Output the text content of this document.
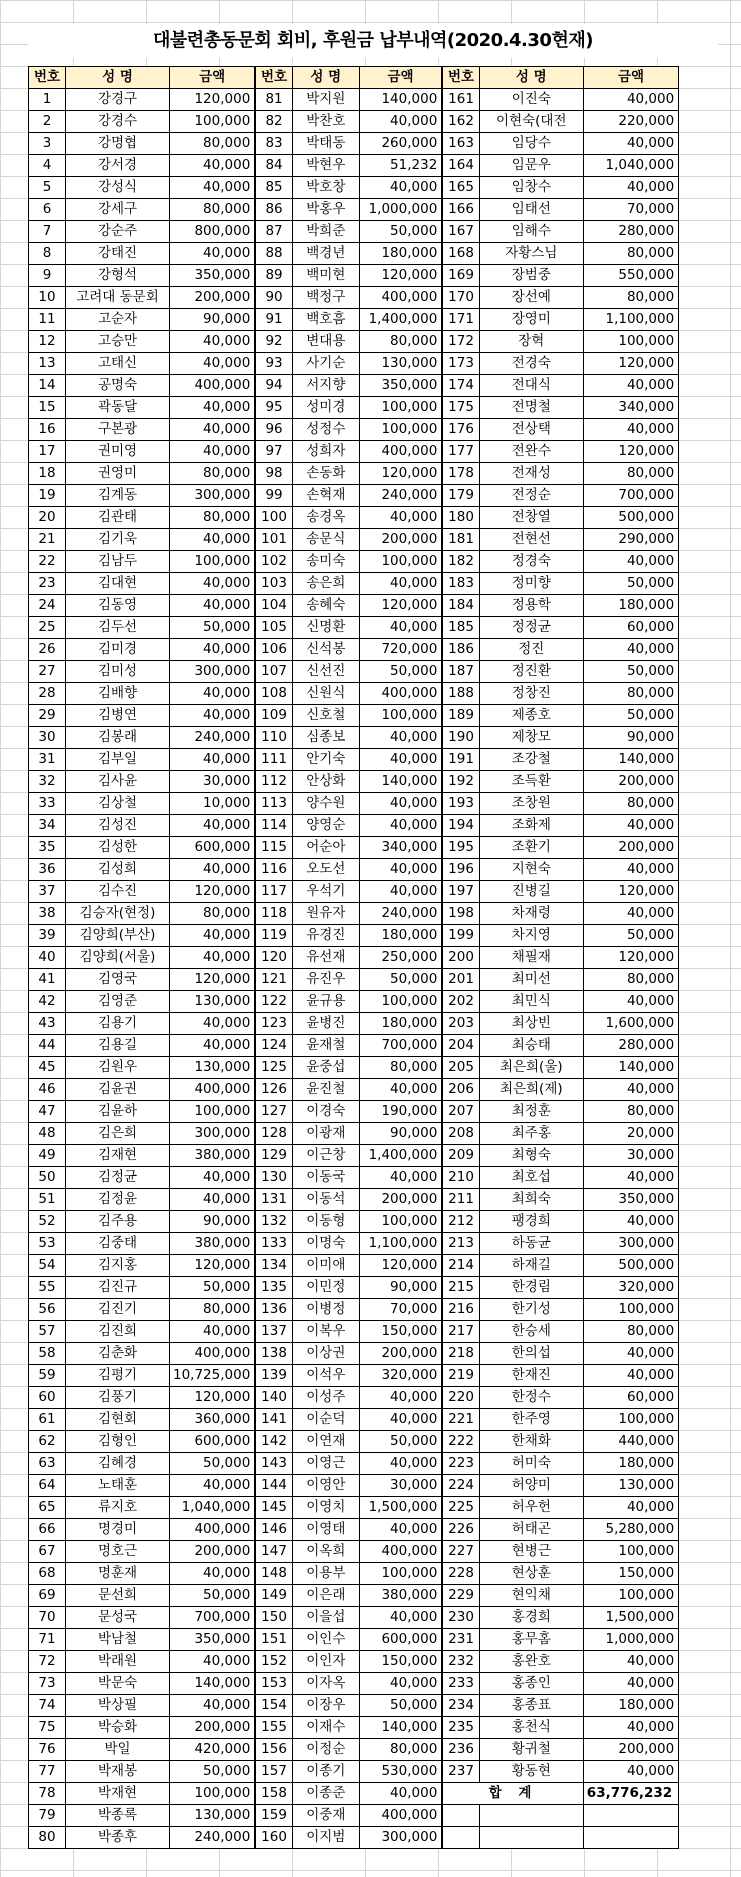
대불련총동문회 회비, 후원금 납부내역(2020.4.30현재)
번호	성 명	금액	번호	성 명	금액	번호	성 명	금액
1	강경구	120,000	81	박지원	140,000	161	이진숙	40,000
2	강경수	100,000	82	박찬호	40,000	162	이현숙(대전	220,000
3	강명협	80,000	83	박태동	260,000	163	임당수	40,000
4	강서경	40,000	84	박현우	51,232	164	임문우	1,040,000
5	강성식	40,000	85	박호창	40,000	165	임창수	40,000
6	강세구	80,000	86	박홍우	1,000,000	166	임태선	70,000
7	강순주	800,000	87	박희준	50,000	167	임해수	280,000
8	강태진	40,000	88	백경년	180,000	168	자황스님	80,000
9	강형석	350,000	89	백미현	120,000	169	장범중	550,000
10	고려대 동문회	200,000	90	백정구	400,000	170	장선예	80,000
11	고순자	90,000	91	백호흠	1,400,000	171	장영미	1,100,000
12	고승만	40,000	92	변대용	80,000	172	장혁	100,000
13	고태신	40,000	93	사기순	130,000	173	전경숙	120,000
14	공명숙	400,000	94	서지향	350,000	174	전대식	40,000
15	곽동달	40,000	95	성미경	100,000	175	전명철	340,000
16	구본광	40,000	96	성정수	100,000	176	전상택	40,000
17	권미영	40,000	97	성희자	400,000	177	전완수	120,000
18	권영미	80,000	98	손동화	120,000	178	전재성	80,000
19	김계동	300,000	99	손혁재	240,000	179	전정순	700,000
20	김관태	80,000	100	송경옥	40,000	180	전창열	500,000
21	김기욱	40,000	101	송문식	200,000	181	전현선	290,000
22	김남두	100,000	102	송미숙	100,000	182	정경숙	40,000
23	김대현	40,000	103	송은희	40,000	183	정미향	50,000
24	김동영	40,000	104	송혜숙	120,000	184	정용학	180,000
25	김두선	50,000	105	신명환	40,000	185	정정균	60,000
26	김미경	40,000	106	신석봉	720,000	186	정진	40,000
27	김미성	300,000	107	신선진	50,000	187	정진환	50,000
28	김배향	40,000	108	신원식	400,000	188	정창진	80,000
29	김병연	40,000	109	신호철	100,000	189	제종호	50,000
30	김봉래	240,000	110	심종보	40,000	190	제창모	90,000
31	김부일	40,000	111	안기숙	40,000	191	조강철	140,000
32	김사윤	30,000	112	안상화	140,000	192	조득환	200,000
33	김상철	10,000	113	양수원	40,000	193	조창원	80,000
34	김성진	40,000	114	양영순	40,000	194	조화제	40,000
35	김성한	600,000	115	어순아	340,000	195	조환기	200,000
36	김성희	40,000	116	오도선	40,000	196	지현숙	40,000
37	김수진	120,000	117	우석기	40,000	197	진병길	120,000
38	김승자(현정)	80,000	118	원유자	240,000	198	차재령	40,000
39	김양희(부산)	40,000	119	유경진	180,000	199	차지영	50,000
40	김양희(서울)	40,000	120	유선재	250,000	200	채필재	120,000
41	김영국	120,000	121	유진우	50,000	201	최미선	80,000
42	김영준	130,000	122	윤규용	100,000	202	최민식	40,000
43	김용기	40,000	123	윤병진	180,000	203	최상빈	1,600,000
44	김용길	40,000	124	윤재철	700,000	204	최승태	280,000
45	김원우	130,000	125	윤중섭	80,000	205	최은희(울)	140,000
46	김윤권	400,000	126	윤진철	40,000	206	최은희(제)	40,000
47	김윤하	100,000	127	이경숙	190,000	207	최정훈	80,000
48	김은희	300,000	128	이광재	90,000	208	최주홍	20,000
49	김재현	380,000	129	이근창	1,400,000	209	최형숙	30,000
50	김정균	40,000	130	이동국	40,000	210	최호섭	40,000
51	김정윤	40,000	131	이동석	200,000	211	최희숙	350,000
52	김주용	90,000	132	이동형	100,000	212	팽경희	40,000
53	김중태	380,000	133	이명숙	1,100,000	213	하동균	300,000
54	김지홍	120,000	134	이미애	120,000	214	하재길	500,000
55	김진규	50,000	135	이민정	90,000	215	한경림	320,000
56	김진기	80,000	136	이병정	70,000	216	한기성	100,000
57	김진희	40,000	137	이복우	150,000	217	한승세	80,000
58	김춘화	400,000	138	이상권	200,000	218	한의섭	40,000
59	김평기	10,725,000	139	이석우	320,000	219	한재진	40,000
60	김풍기	120,000	140	이성주	40,000	220	한정수	60,000
61	김현회	360,000	141	이순덕	40,000	221	한주영	100,000
62	김형인	600,000	142	이연재	50,000	222	한채화	440,000
63	김혜경	50,000	143	이영근	40,000	223	허미숙	180,000
64	노태훈	40,000	144	이영안	30,000	224	허양미	130,000
65	류지호	1,040,000	145	이영치	1,500,000	225	허우헌	40,000
66	명경미	400,000	146	이영태	40,000	226	허태곤	5,280,000
67	명호근	200,000	147	이옥희	400,000	227	현병근	100,000
68	명훈재	40,000	148	이용부	100,000	228	현상훈	150,000
69	문선희	50,000	149	이은래	380,000	229	현익채	100,000
70	문성국	700,000	150	이을섭	40,000	230	홍경희	1,500,000
71	박남철	350,000	151	이인수	600,000	231	홍무홈	1,000,000
72	박래원	40,000	152	이인자	150,000	232	홍완호	40,000
73	박문숙	140,000	153	이자옥	40,000	233	홍종인	40,000
74	박상필	40,000	154	이장우	50,000	234	홍종표	180,000
75	박승화	200,000	155	이재수	140,000	235	홍천식	40,000
76	박일	420,000	156	이정순	80,000	236	황귀철	200,000
77	박재봉	50,000	157	이종기	530,000	237	황동현	40,000
78	박재현	100,000	158	이종준	40,000	합 계		63,776,232
79	박종록	130,000	159	이중재	400,000			
80	박종후	240,000	160	이지범	300,000			
